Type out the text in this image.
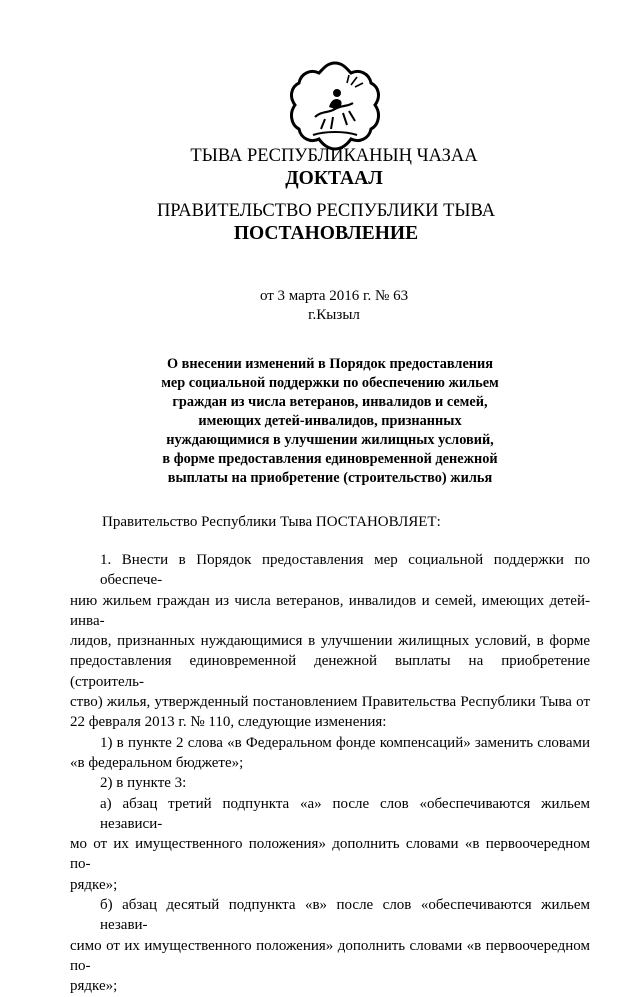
ТЫВА РЕСПУБЛИКАНЫҢ ЧАЗАА
ДОКТААЛ
ПРАВИТЕЛЬСТВО РЕСПУБЛИКИ ТЫВА
ПОСТАНОВЛЕНИЕ
от 3 марта 2016 г. № 63
г.Кызыл
О внесении изменений в Порядок предоставления
мер социальной поддержки по обеспечению жильем
граждан из числа ветеранов, инвалидов и семей,
имеющих детей-инвалидов, признанных
нуждающимися в улучшении жилищных условий,
в форме предоставления единовременной денежной
выплаты на приобретение (строительство) жилья
Правительство Республики Тыва ПОСТАНОВЛЯЕТ:
1. Внести в Порядок предоставления мер социальной поддержки по обеспече-
нию жильем граждан из числа ветеранов, инвалидов и семей, имеющих детей-инва-
лидов, признанных нуждающимися в улучшении жилищных условий, в форме
предоставления единовременной денежной выплаты на приобретение (строитель-
ство) жилья, утвержденный постановлением Правительства Республики Тыва от
22 февраля 2013 г. № 110, следующие изменения:
1) в пункте 2 слова «в Федеральном фонде компенсаций» заменить словами
«в федеральном бюджете»;
2) в пункте 3:
а) абзац третий подпункта «а» после слов «обеспечиваются жильем независи-
мо от их имущественного положения» дополнить словами «в первоочередном по-
рядке»;
б) абзац десятый подпункта «в» после слов «обеспечиваются жильем незави-
симо от их имущественного положения» дополнить словами «в первоочередном по-
рядке»;
